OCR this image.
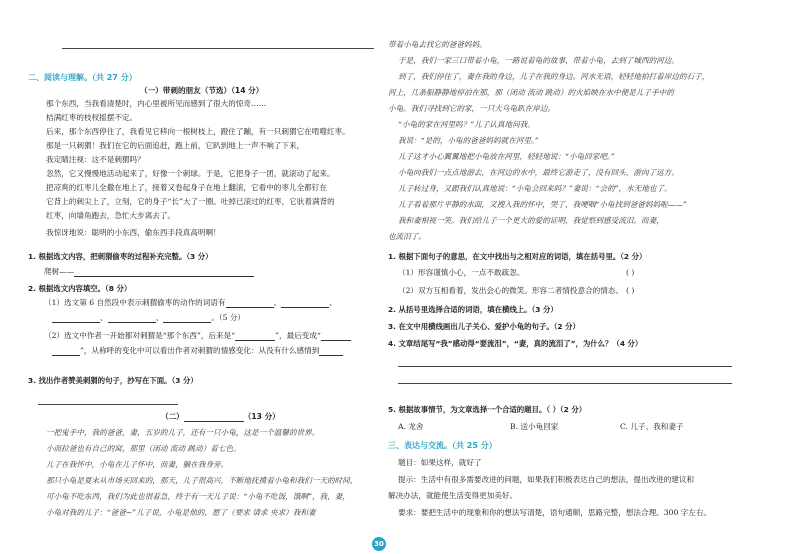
二、阅读与理解。（共 27 分）
（一）带刺的朋友（节选）（14 分）
那个东西，当我看清楚时，内心里被所见而感到了很大的惊奇……
桔满红枣的枝杈摇摆不定。
后来，那个东西停住了，我看见它移向一根树枝上，蹬住了蹦，有一只刺猬它在啃噬红枣。
那是一只刺猬！我们在它的后面追赶，跑上前，它趴到地上一声不响了下来，
我定睛注视：这不是刺猬吗？
忽然，它又慢慢地活动起来了，好像一个刺球。于是，它把身子一团，就滚动了起来。
把凉爽的红枣儿全撒在地上了，接着又卷起身子在地上翻滚，它看中的枣儿全都钉在
它背上的刺尖上了，立刻，它的身子“长”大了一圈。吐掉已滚过的红枣，它驮着满背的
红枣，向墙角跑去，急忙大步离去了。
我惊讶地说：聪明的小东西，偷东西手段真高明啊！
1. 根据选文内容，把刺猬偷枣的过程补充完整。（3 分）
爬树——
2. 根据选文内容填空。（8 分）
（1）选文第 6 自然段中表示刺猬偷枣的动作的词语有	、	、
、	、	。（5 分）
（2）选文中作者一开始都对刺猬是“那个东西”，后来是“	”，最后变成“
”，从称呼的变化中可以看出作者对刺猬的情感变化：从没有什么感情到
3. 找出作者赞美刺猬的句子，抄写在下面。（3 分）
（二）	（13 分）
一把鬼手中，我的爸爸，妻，五岁的儿子，还有一只小龟，这是一个温馨的世界。
小而拉爸也有自己的窝，那里（闭动 流动 跳动）着七色。
儿子在我怀中，小龟在儿子怀中，而妻，躺在我身旁。
那只小龟是夏末从市场买回来的，那天，儿子很高兴，不断地抚摸着小龟和我们一天的时间，
可小龟不吃东西，我们为此也很着急，终于有一天儿子说：“小龟不吃饭，饿啊”，我，妻，
小龟对我的儿子：“爸爸~”儿子说，小龟是他的，愿了（要求 请求 央求）我和妻
带着小龟去找它的爸爸妈妈。
于是，我们一家三口带着小龟，一路说着龟的故事，带着小龟，去到了城西的河边。
到了，我们停住了，妻在我的身边，儿子在我的身边。河水无语，轻轻地拍打着岸边的石子，
河上，几条船静静地停泊在那，那（闭动 流动 跳动）的火焰映在水中便是儿子手中的
小龟。我们寻找到它的家，一只大乌龟趴在岸边。
“小龟的家在河里吗？”儿子认真地问我。
我说：“是的，小龟的爸爸妈妈就在河里。”
儿子这才小心翼翼地把小龟放在河里，轻轻地说：“小龟回家吧。”
小龟向我们一点点地游去，在河边的水中，最终它游走了，没有回头，游向了远方。
儿子转过身，又跟我们认真地说：“小龟会回来吗？”妻说：“会的”，水无地也了。
儿子看着那片平静的水面，又搜入我的怀中，哭了，我哽咽“小龟找到爸爸妈妈啦——”
我和妻相视一笑。我们给儿子一个更大的爱的证明，我觉察到感受流泪。而妻，
也流泪了。
1. 根据下面句子的意思，在文中找出与之相对应的词语，填在括号里。（2 分）
（1）形容谨慎小心，一点不敢疏忽。	( )
（2）双方互相看着，发出会心的微笑。形容二者情投意合的情态。 ( )
2. 从括号里选择合适的词语，填在横线上。（3 分）
3. 在文中用横线画出儿子关心、爱护小龟的句子。（2 分）
4. 文章结尾写“我”感动得“要流泪”，“妻，真的流泪了”，为什么？（4 分）
5. 根据故事情节，为文章选择一个合适的题目。（ ）（2 分）
A. 龙舍	B. 送小龟回家	C. 儿子、我和妻子
三、表达与交流。（共 25 分）
题目：如果这样，就好了
提示：生活中有很多需要改进的问题，如果我们积极表达自己的想法，提出改进的建议和
解决办法，就能使生活变得更加美好。
要求：要把生活中的现象和你的想法写清楚，语句通顺，思路完整，想法合理。300 字左右。
30
